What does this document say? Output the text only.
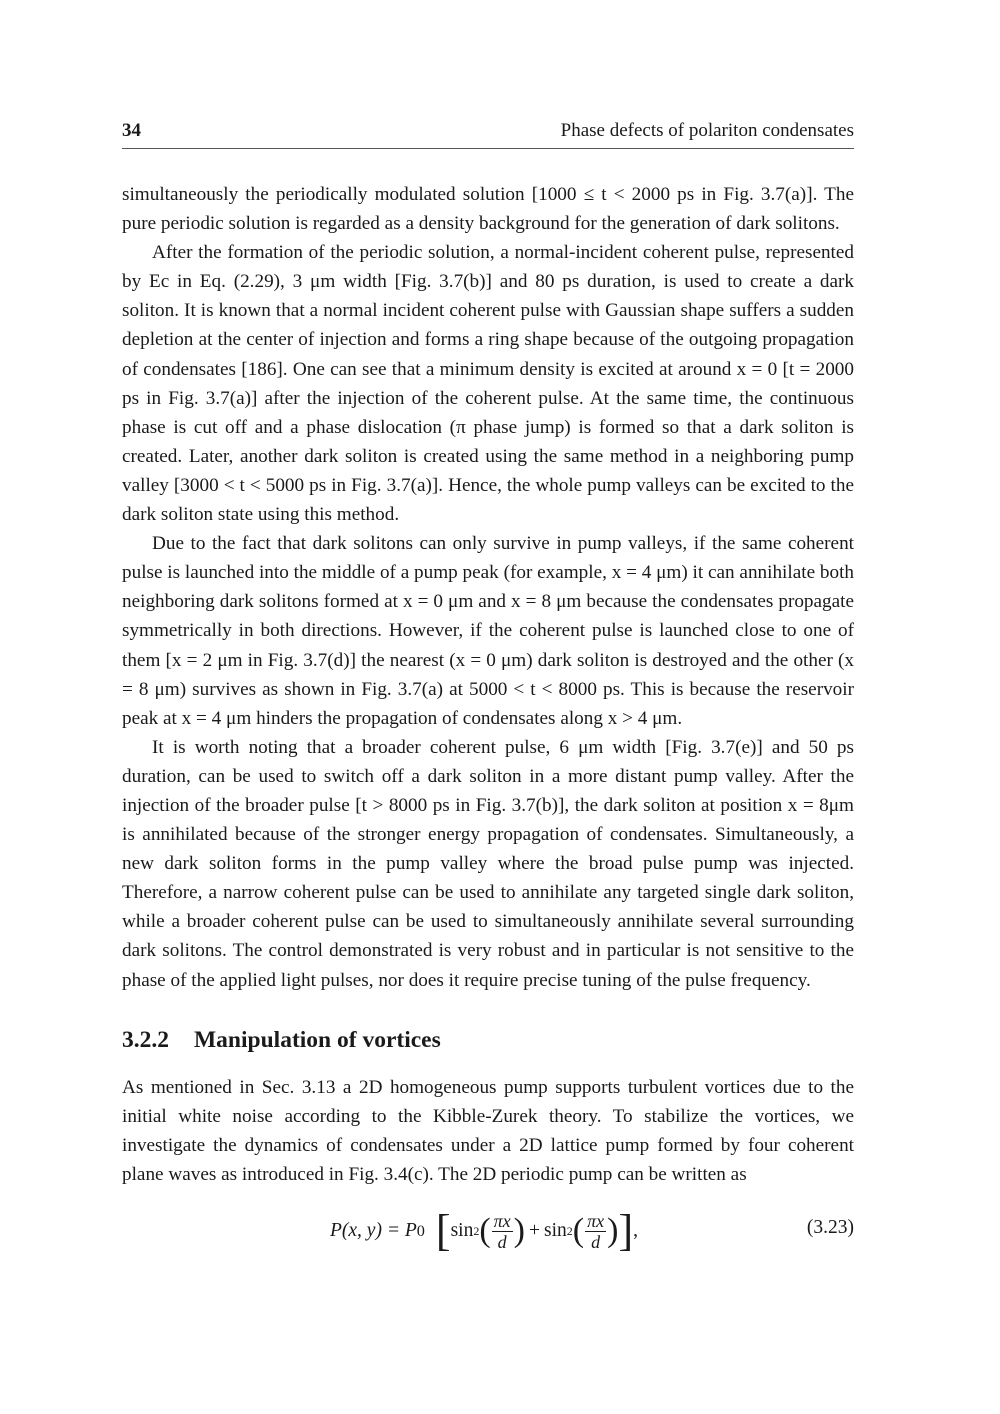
34	Phase defects of polariton condensates

simultaneously the periodically modulated solution [1000 ≤ t < 2000 ps in Fig. 3.7(a)]. The pure periodic solution is regarded as a density background for the generation of dark solitons.

After the formation of the periodic solution, a normal-incident coherent pulse, represented by Ec in Eq. (2.29), 3 μm width [Fig. 3.7(b)] and 80 ps duration, is used to create a dark soliton. It is known that a normal incident coherent pulse with Gaussian shape suffers a sudden depletion at the center of injection and forms a ring shape because of the outgoing propagation of condensates [186]. One can see that a minimum density is excited at around x = 0 [t = 2000 ps in Fig. 3.7(a)] after the injection of the coherent pulse. At the same time, the continuous phase is cut off and a phase dislocation (π phase jump) is formed so that a dark soliton is created. Later, another dark soliton is created using the same method in a neighboring pump valley [3000 < t < 5000 ps in Fig. 3.7(a)]. Hence, the whole pump valleys can be excited to the dark soliton state using this method.

Due to the fact that dark solitons can only survive in pump valleys, if the same coherent pulse is launched into the middle of a pump peak (for example, x = 4 μm) it can annihilate both neighboring dark solitons formed at x = 0 μm and x = 8 μm because the condensates propagate symmetrically in both directions. However, if the coherent pulse is launched close to one of them [x = 2 μm in Fig. 3.7(d)] the nearest (x = 0 μm) dark soliton is destroyed and the other (x = 8 μm) survives as shown in Fig. 3.7(a) at 5000 < t < 8000 ps. This is because the reservoir peak at x = 4 μm hinders the propagation of condensates along x > 4 μm.

It is worth noting that a broader coherent pulse, 6 μm width [Fig. 3.7(e)] and 50 ps duration, can be used to switch off a dark soliton in a more distant pump valley. After the injection of the broader pulse [t > 8000 ps in Fig. 3.7(b)], the dark soliton at position x = 8μm is annihilated because of the stronger energy propagation of condensates. Simultaneously, a new dark soliton forms in the pump valley where the broad pulse pump was injected. Therefore, a narrow coherent pulse can be used to annihilate any targeted single dark soliton, while a broader coherent pulse can be used to simultaneously annihilate several surrounding dark solitons. The control demonstrated is very robust and in particular is not sensitive to the phase of the applied light pulses, nor does it require precise tuning of the pulse frequency.

3.2.2 Manipulation of vortices

As mentioned in Sec. 3.13 a 2D homogeneous pump supports turbulent vortices due to the initial white noise according to the Kibble-Zurek theory. To stabilize the vortices, we investigate the dynamics of condensates under a 2D lattice pump formed by four coherent plane waves as introduced in Fig. 3.4(c). The 2D periodic pump can be written as

P(x, y) = P 0 [ sin 2 ( $\frac{\pi x}{d}$ ) + sin 2 ( $\frac{\pi x}{d}$ ) ] ,	(3.23)
